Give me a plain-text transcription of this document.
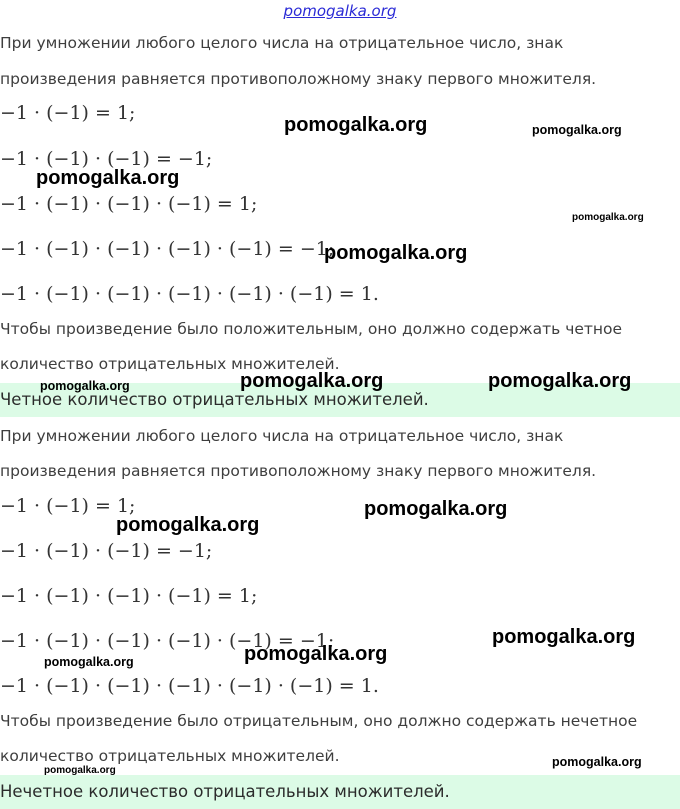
pomogalka.org
При умножении любого целого числа на отрицательное число, знак
произведения равняется противоположному знаку первого множителя.
−1 · (−1) = 1;
−1 · (−1) · (−1) = −1;
−1 · (−1) · (−1) · (−1) = 1;
−1 · (−1) · (−1) · (−1) · (−1) = −1;
−1 · (−1) · (−1) · (−1) · (−1) · (−1) = 1.
Чтобы произведение было положительным, оно должно содержать четное
количество отрицательных множителей.
Четное количество отрицательных множителей.
При умножении любого целого числа на отрицательное число, знак
произведения равняется противоположному знаку первого множителя.
−1 · (−1) = 1;
−1 · (−1) · (−1) = −1;
−1 · (−1) · (−1) · (−1) = 1;
−1 · (−1) · (−1) · (−1) · (−1) = −1;
−1 · (−1) · (−1) · (−1) · (−1) · (−1) = 1.
Чтобы произведение было отрицательным, оно должно содержать нечетное
количество отрицательных множителей.
Нечетное количество отрицательных множителей.
pomogalka.org	pomogalka.org
pomogalka.org
pomogalka.org
pomogalka.org
pomogalka.org	pomogalka.org	pomogalka.org
pomogalka.org
pomogalka.org
pomogalka.org
pomogalka.org
pomogalka.org
pomogalka.org
pomogalka.org
